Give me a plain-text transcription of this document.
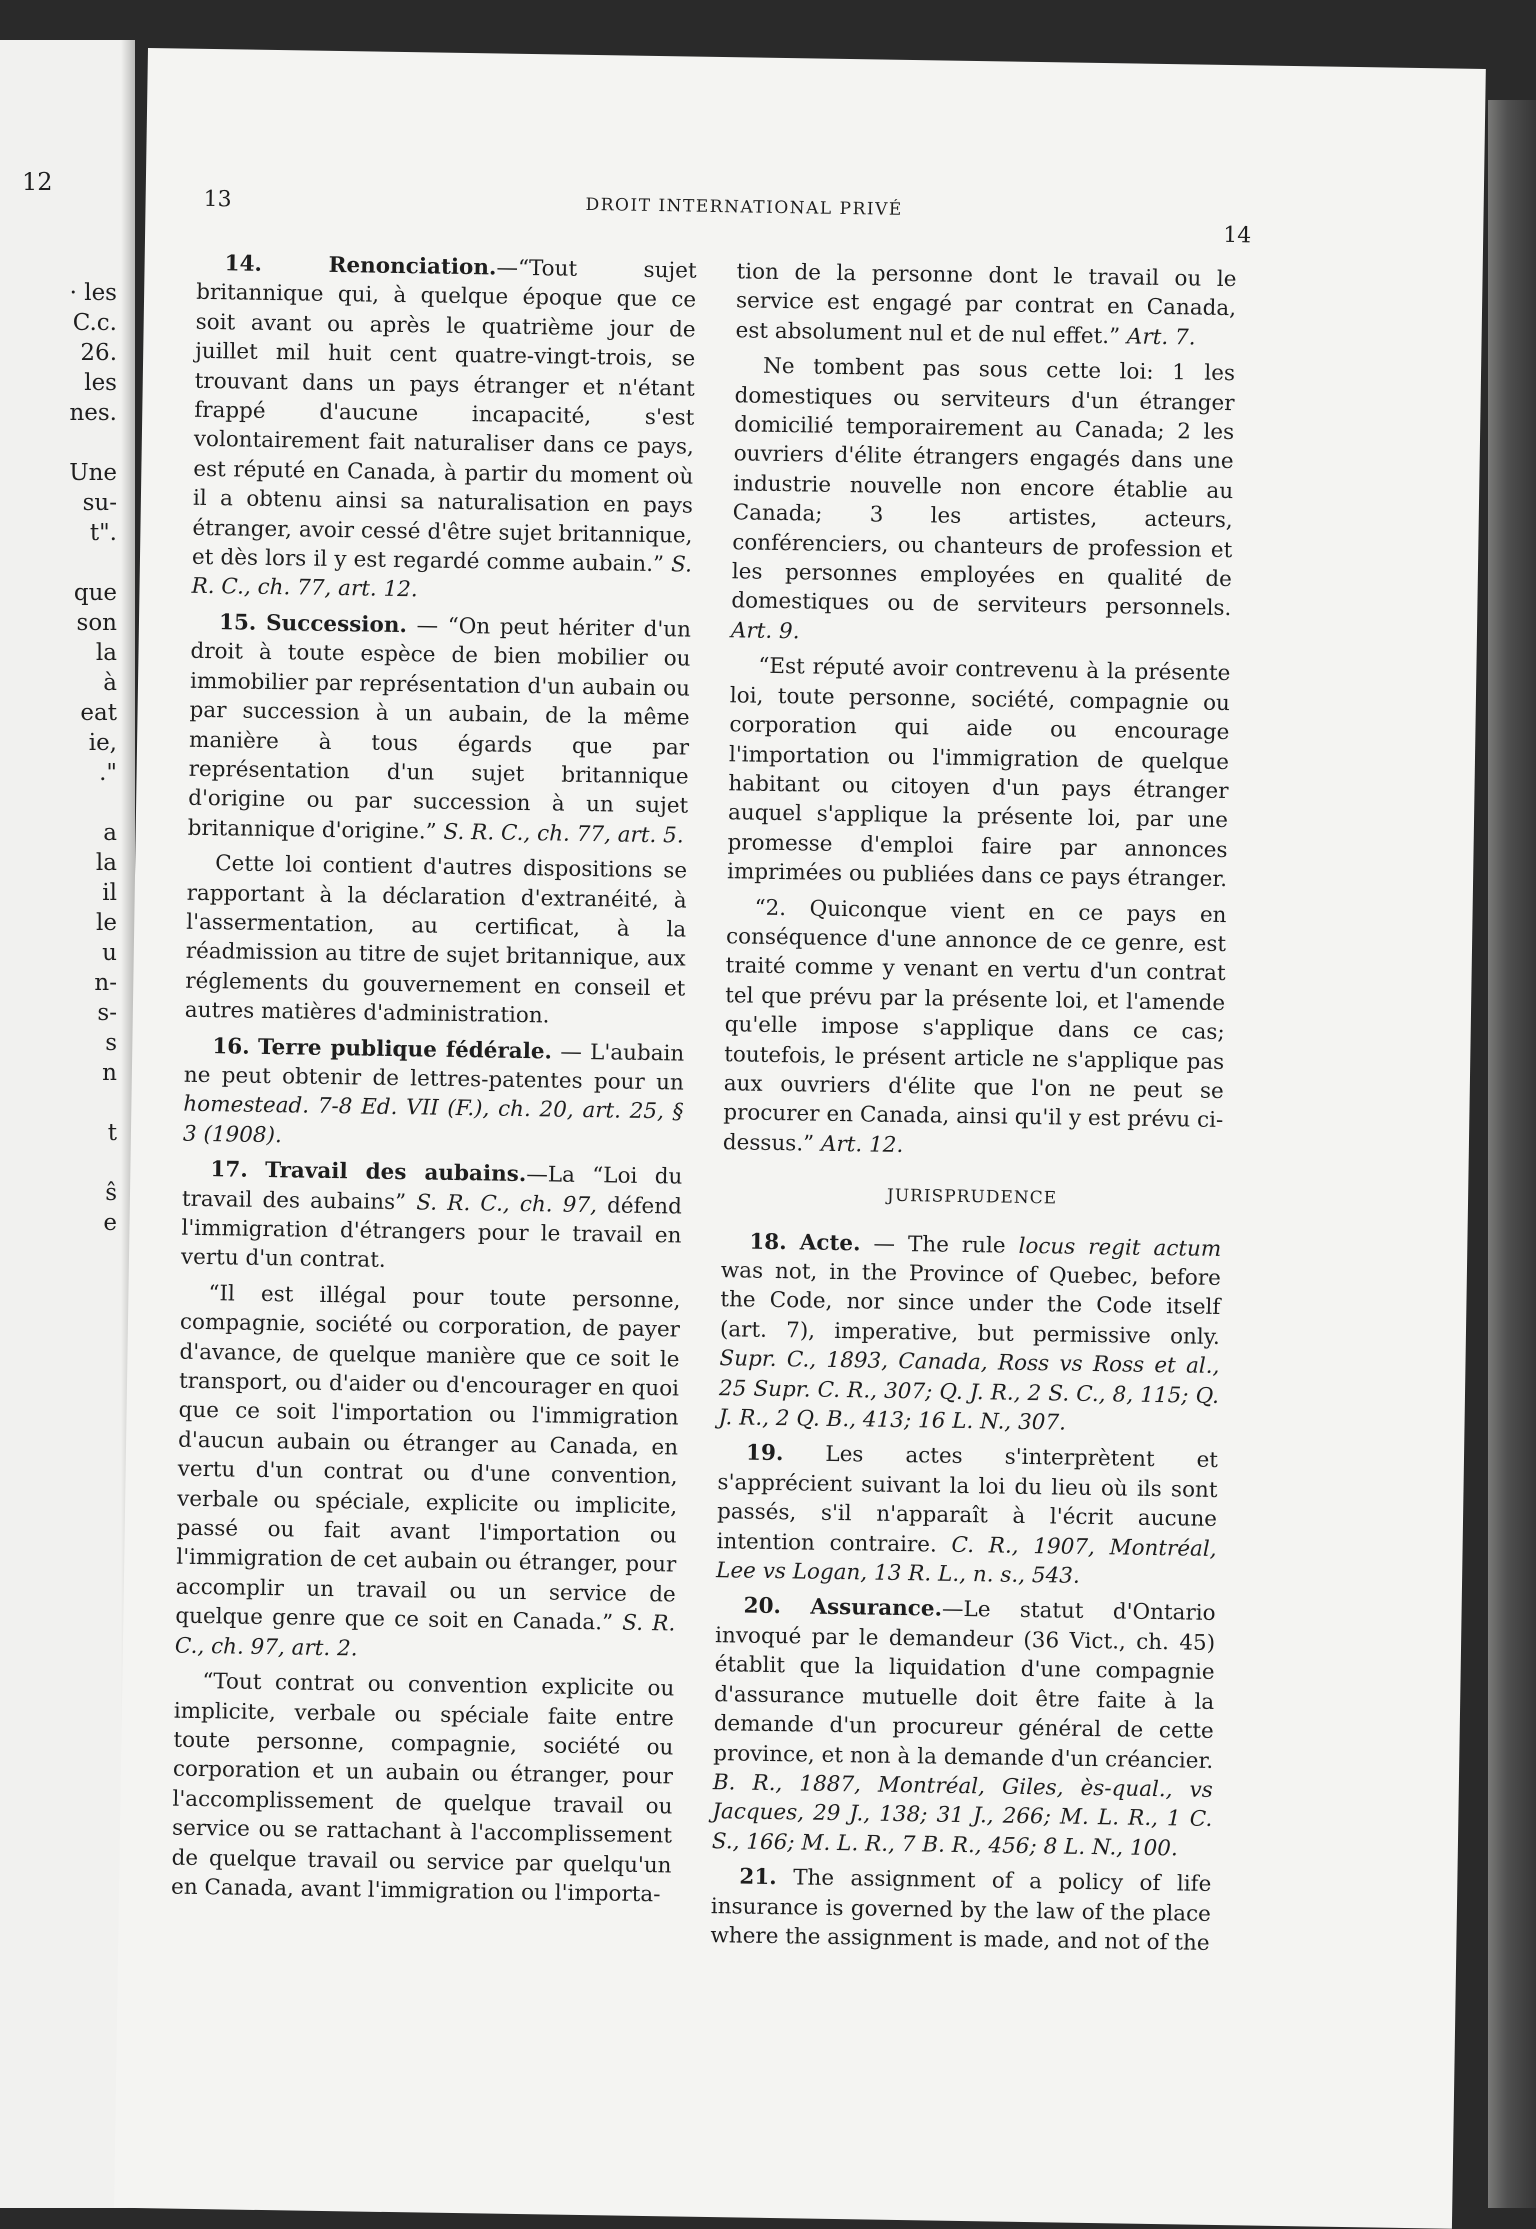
12
· les
C.c.
26.
les
nes.
Une
su-
t".
que
son
la
à
eat
ie,
."
a
la
il
le
u
n-
s-
s
n
t
ŝ
e
13	DROIT INTERNATIONAL PRIVÉ
14

14.	Renonciation.—“Tout sujet britannique qui, à quelque époque que ce soit avant ou après le quatrième jour de juillet mil huit cent quatre-vingt-trois, se trouvant dans un pays étranger et n'étant frappé d'aucune incapacité, s'est volontairement fait naturaliser dans ce pays, est réputé en Canada, à partir du moment où il a obtenu ainsi sa naturalisation en pays étranger, avoir cessé d'être sujet britannique, et dès lors il y est regardé comme aubain.” S. R. C., ch. 77, art. 12.

15. Succession. — “On peut hériter d'un droit à toute espèce de bien mobilier ou immobilier par représentation d'un aubain ou par succession à un aubain, de la même manière à tous égards que par représentation d'un sujet britannique d'origine ou par succession à un sujet britannique d'origine.” S. R. C., ch. 77, art. 5.

Cette loi contient d'autres dispositions se rapportant à la déclaration d'extranéité, à l'assermentation, au certificat, à la réadmission au titre de sujet britannique, aux réglements du gouvernement en conseil et autres matières d'administration.

16. Terre publique fédérale. — L'aubain ne peut obtenir de lettres-patentes pour un homestead. 7-8 Ed. VII (F.), ch. 20, art. 25, § 3 (1908).

17. Travail des aubains.—La “Loi du travail des aubains” S. R. C., ch. 97, défend l'immigration d'étrangers pour le travail en vertu d'un contrat.

“Il est illégal pour toute personne, compagnie, société ou corporation, de payer d'avance, de quelque manière que ce soit le transport, ou d'aider ou d'encourager en quoi que ce soit l'importation ou l'immigration d'aucun aubain ou étranger au Canada, en vertu d'un contrat ou d'une convention, verbale ou spéciale, explicite ou implicite, passé ou fait avant l'importation ou l'immigration de cet aubain ou étranger, pour accomplir un travail ou un service de quelque genre que ce soit en Canada.” S. R. C., ch. 97, art. 2.

“Tout contrat ou convention explicite ou implicite, verbale ou spéciale faite entre toute personne, compagnie, société ou corporation et un aubain ou étranger, pour l'accomplissement de quelque travail ou service ou se rattachant à l'accomplissement de quelque travail ou service par quelqu'un en Canada, avant l'immigration ou l'importa-

tion de la personne dont le travail ou le service est engagé par contrat en Canada, est absolument nul et de nul effet.” Art. 7.

Ne tombent pas sous cette loi: 1 les domestiques ou serviteurs d'un étranger domicilié temporairement au Canada; 2 les ouvriers d'élite étrangers engagés dans une industrie nouvelle non encore établie au Canada; 3 les artistes, acteurs, conférenciers, ou chanteurs de profession et les personnes employées en qualité de domestiques ou de serviteurs personnels. Art. 9.

“Est réputé avoir contrevenu à la présente loi, toute personne, société, compagnie ou corporation qui aide ou encourage l'importation ou l'immigration de quelque habitant ou citoyen d'un pays étranger auquel s'applique la présente loi, par une promesse d'emploi faire par annonces imprimées ou publiées dans ce pays étranger.

“2. Quiconque vient en ce pays en conséquence d'une annonce de ce genre, est traité comme y venant en vertu d'un contrat tel que prévu par la présente loi, et l'amende qu'elle impose s'applique dans ce cas; toutefois, le présent article ne s'applique pas aux ouvriers d'élite que l'on ne peut se procurer en Canada, ainsi qu'il y est prévu ci-dessus.” Art. 12.

JURISPRUDENCE

18. Acte. — The rule locus regit actum was not, in the Province of Quebec, before the Code, nor since under the Code itself (art. 7), imperative, but permissive only. Supr. C., 1893, Canada, Ross vs Ross et al., 25 Supr. C. R., 307; Q. J. R., 2 S. C., 8, 115; Q. J. R., 2 Q. B., 413; 16 L. N., 307.

19. Les actes s'interprètent et s'apprécient suivant la loi du lieu où ils sont passés, s'il n'apparaît à l'écrit aucune intention contraire. C. R., 1907, Montréal, Lee vs Logan, 13 R. L., n. s., 543.

20. Assurance.—Le statut d'Ontario invoqué par le demandeur (36 Vict., ch. 45) établit que la liquidation d'une compagnie d'assurance mutuelle doit être faite à la demande d'un procureur général de cette province, et non à la demande d'un créancier. B. R., 1887, Montréal, Giles, ès-qual., vs Jacques, 29 J., 138; 31 J., 266; M. L. R., 1 C. S., 166; M. L. R., 7 B. R., 456; 8 L. N., 100.

21. The assignment of a policy of life insurance is governed by the law of the place where the assignment is made, and not of the
